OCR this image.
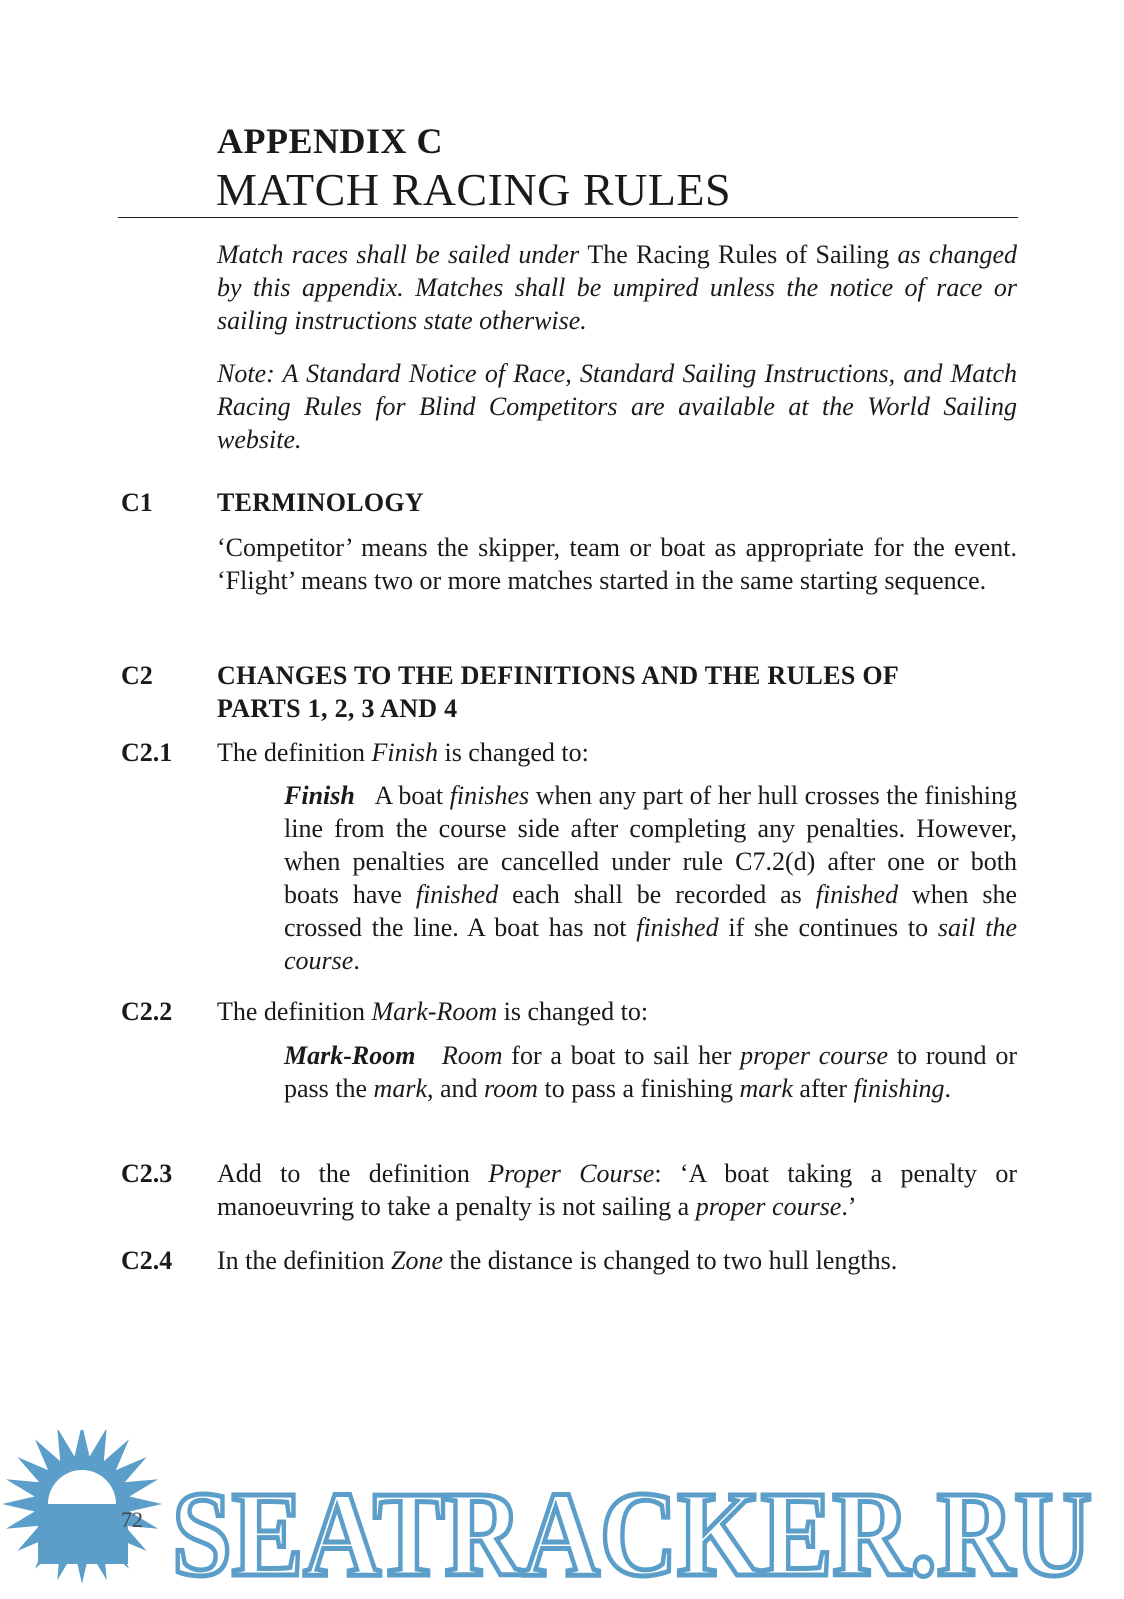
APPENDIX C
MATCH RACING RULES
Match races shall be sailed under The Racing Rules of Sailing as changed by this appendix. Matches shall be umpired unless the notice of race or sailing instructions state otherwise.
Note: A Standard Notice of Race, Standard Sailing Instructions, and Match Racing Rules for Blind Competitors are available at the World Sailing website.
C1 TERMINOLOGY
‘Competitor’ means the skipper, team or boat as appropriate for the event. ‘Flight’ means two or more matches started in the same starting sequence.
C2 CHANGES TO THE DEFINITIONS AND THE RULES OF PARTS 1, 2, 3 AND 4
C2.1 The definition Finish is changed to:
Finish A boat finishes when any part of her hull crosses the finishing line from the course side after completing any penalties. However, when penalties are cancelled under rule C7.2(d) after one or both boats have finished each shall be recorded as finished when she crossed the line. A boat has not finished if she continues to sail the course.
C2.2 The definition Mark-Room is changed to:
Mark-Room Room for a boat to sail her proper course to round or pass the mark, and room to pass a finishing mark after finishing.
C2.3 Add to the definition Proper Course: ‘A boat taking a penalty or manoeuvring to take a penalty is not sailing a proper course.’
C2.4 In the definition Zone the distance is changed to two hull lengths.
SEATRACKER.RU
72
